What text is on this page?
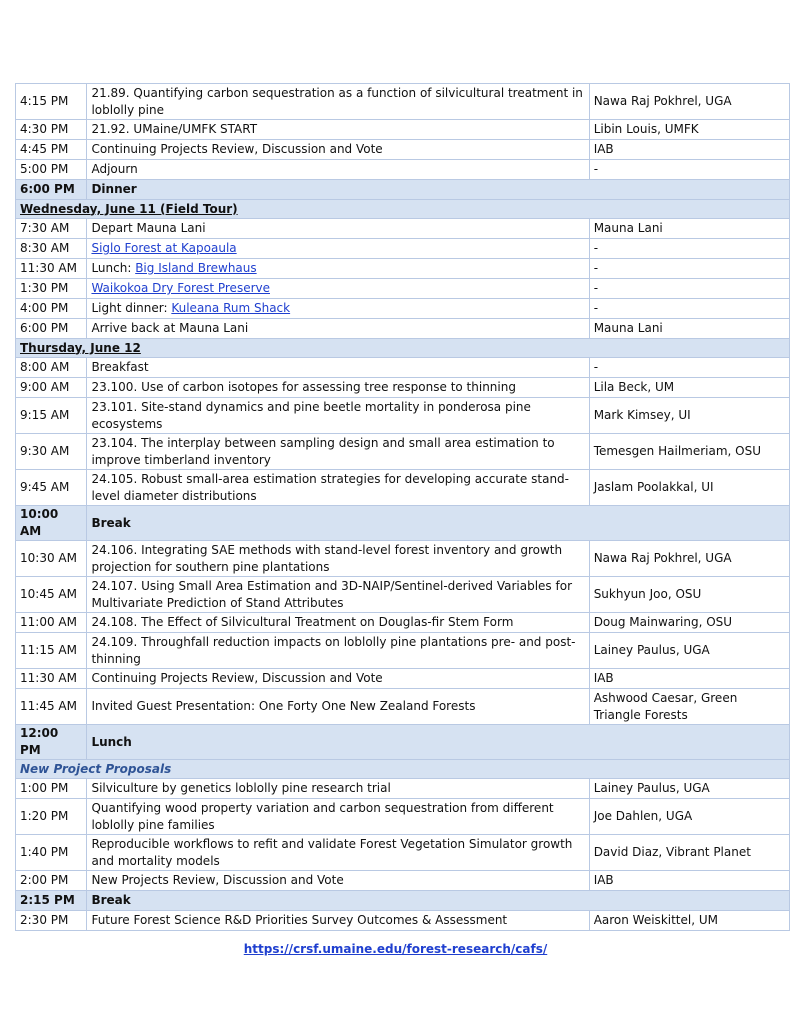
4:15 PM	21.89. Quantifying carbon sequestration as a function of silvicultural treatment in loblolly pine	Nawa Raj Pokhrel, UGA
4:30 PM	21.92. UMaine/UMFK START	Libin Louis, UMFK
4:45 PM	Continuing Projects Review, Discussion and Vote	IAB
5:00 PM	Adjourn	-
6:00 PM	Dinner	
Wednesday, June 11 (Field Tour)		
7:30 AM	Depart Mauna Lani	Mauna Lani
8:30 AM	Siglo Forest at Kapoaula	-
11:30 AM	Lunch: Big Island Brewhaus	-
1:30 PM	Waikokoa Dry Forest Preserve	-
4:00 PM	Light dinner: Kuleana Rum Shack	-
6:00 PM	Arrive back at Mauna Lani	Mauna Lani
Thursday, June 12		
8:00 AM	Breakfast	-
9:00 AM	23.100. Use of carbon isotopes for assessing tree response to thinning	Lila Beck, UM
9:15 AM	23.101. Site-stand dynamics and pine beetle mortality in ponderosa pine ecosystems	Mark Kimsey, UI
9:30 AM	23.104. The interplay between sampling design and small area estimation to improve timberland inventory	Temesgen Hailmeriam, OSU
9:45 AM	24.105. Robust small-area estimation strategies for developing accurate stand-level diameter distributions	Jaslam Poolakkal, UI
10:00 AM	Break	
10:30 AM	24.106. Integrating SAE methods with stand-level forest inventory and growth projection for southern pine plantations	Nawa Raj Pokhrel, UGA
10:45 AM	24.107. Using Small Area Estimation and 3D-NAIP/Sentinel-derived Variables for Multivariate Prediction of Stand Attributes	Sukhyun Joo, OSU
11:00 AM	24.108. The Effect of Silvicultural Treatment on Douglas-fir Stem Form	Doug Mainwaring, OSU
11:15 AM	24.109. Throughfall reduction impacts on loblolly pine plantations pre- and post-thinning	Lainey Paulus, UGA
11:30 AM	Continuing Projects Review, Discussion and Vote	IAB
11:45 AM	Invited Guest Presentation: One Forty One New Zealand Forests	Ashwood Caesar, Green Triangle Forests
12:00 PM	Lunch	
New Project Proposals		
1:00 PM	Silviculture by genetics loblolly pine research trial	Lainey Paulus, UGA
1:20 PM	Quantifying wood property variation and carbon sequestration from different loblolly pine families	Joe Dahlen, UGA
1:40 PM	Reproducible workflows to refit and validate Forest Vegetation Simulator growth and mortality models	David Diaz, Vibrant Planet
2:00 PM	New Projects Review, Discussion and Vote	IAB
2:15 PM	Break	
2:30 PM	Future Forest Science R&D Priorities Survey Outcomes & Assessment	Aaron Weiskittel, UM
https://crsf.umaine.edu/forest-research/cafs/
